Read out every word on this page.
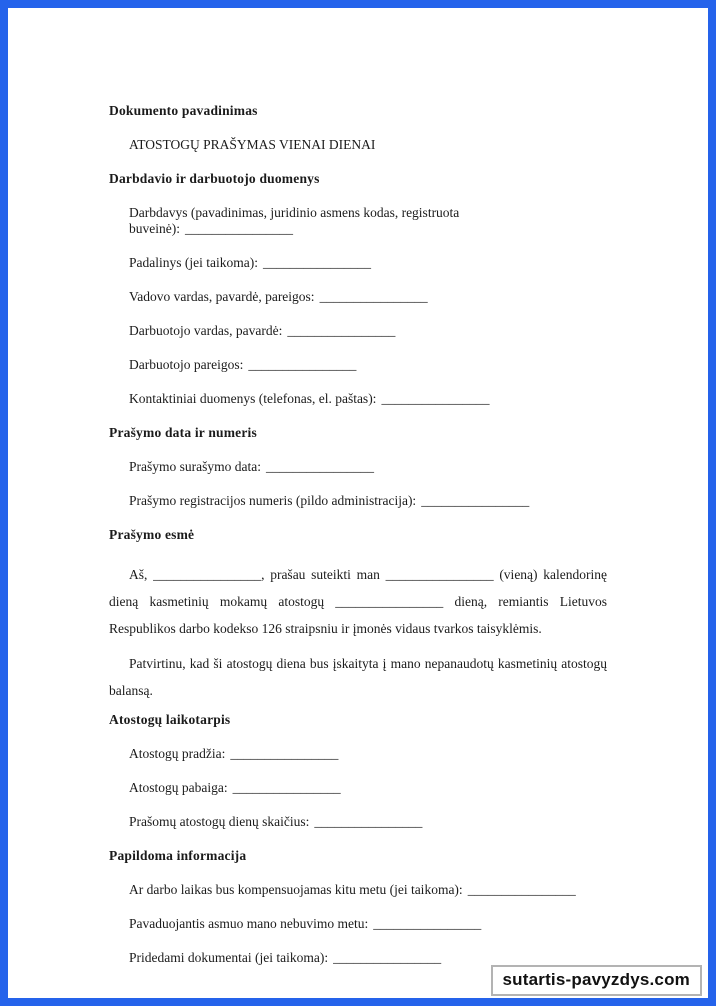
Dokumento pavadinimas
ATOSTOGŲ PRAŠYMAS VIENAI DIENAI
Darbdavio ir darbuotojo duomenys
Darbdavys (pavadinimas, juridinio asmens kodas, registruota buveinė): ________________
Padalinys (jei taikoma): ________________
Vadovo vardas, pavardė, pareigos: ________________
Darbuotojo vardas, pavardė: ________________
Darbuotojo pareigos: ________________
Kontaktiniai duomenys (telefonas, el. paštas): ________________
Prašymo data ir numeris
Prašymo surašymo data: ________________
Prašymo registracijos numeris (pildo administracija): ________________
Prašymo esmė

Aš, ________________, prašau suteikti man ________________ (vieną) kalendorinę dieną kasmetinių mokamų atostogų ________________ dieną, remiantis Lietuvos Respublikos darbo kodekso 126 straipsniu ir įmonės vidaus tvarkos taisyklėmis.

Patvirtinu, kad ši atostogų diena bus įskaityta į mano nepanaudotų kasmetinių atostogų balansą.

Atostogų laikotarpis
Atostogų pradžia: ________________
Atostogų pabaiga: ________________
Prašomų atostogų dienų skaičius: ________________
Papildoma informacija
Ar darbo laikas bus kompensuojamas kitu metu (jei taikoma): ________________
Pavaduojantis asmuo mano nebuvimo metu: ________________
Pridedami dokumentai (jei taikoma): ________________
sutartis-pavyzdys.com
